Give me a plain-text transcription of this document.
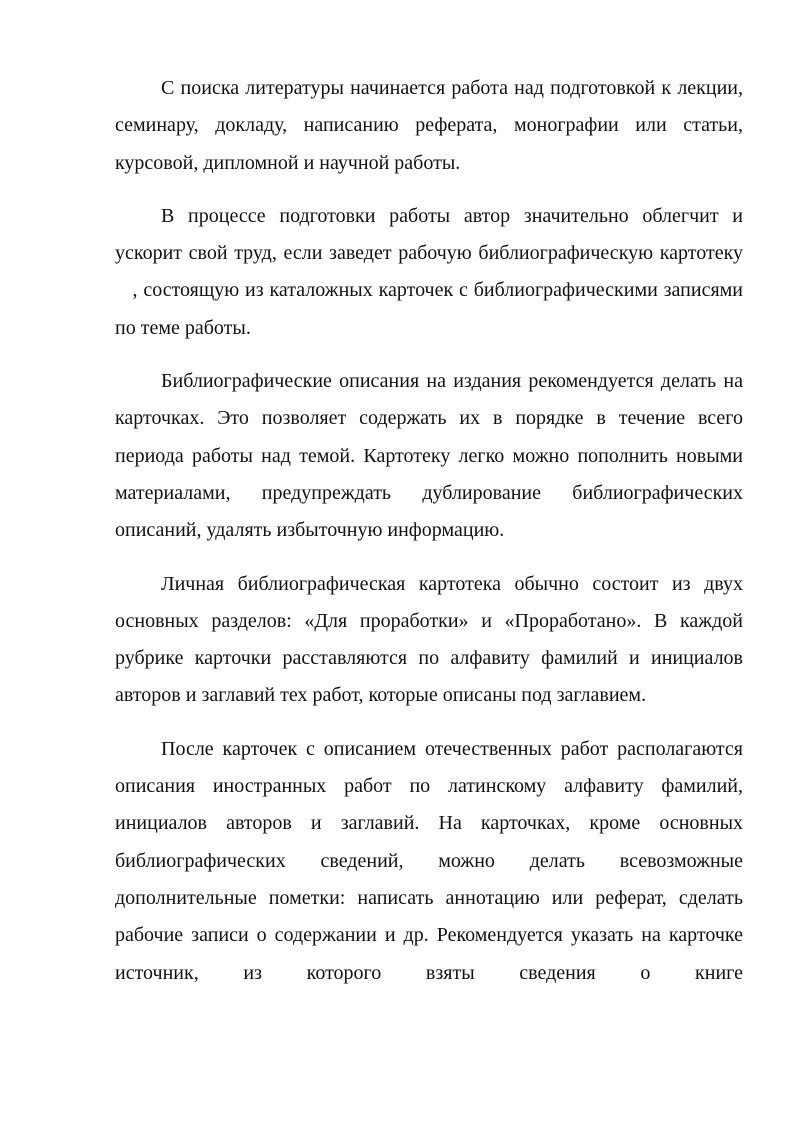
С поиска литературы начинается работа над подготовкой к лекции, семинару, докладу, написанию реферата, монографии или статьи, курсовой, дипломной и научной работы.

В процессе подготовки работы автор значительно облегчит и ускорит свой труд, если заведет рабочую библиографическую картотеку    , состоящую из каталожных карточек с библиографическими записями по теме работы.

Библиографические описания на издания рекомендуется делать на карточках. Это позволяет содержать их в порядке в течение всего периода работы над темой. Картотеку легко можно пополнить новыми материалами, предупреждать дублирование библиографических описаний, удалять избыточную информацию.

Личная библиографическая картотека обычно состоит из двух основных разделов: «Для проработки» и «Проработано». В каждой рубрике карточки расставляются по алфавиту фамилий и инициалов авторов и заглавий тех работ, которые описаны под заглавием.

После карточек с описанием отечественных работ располагаются описания иностранных работ по латинскому алфавиту фамилий, инициалов авторов и заглавий. На карточках, кроме основных библиографических сведений, можно делать всевозможные дополнительные пометки: написать аннотацию или реферат, сделать рабочие записи о содержании и др. Рекомендуется указать на карточке источник, из которого взяты сведения о книге
